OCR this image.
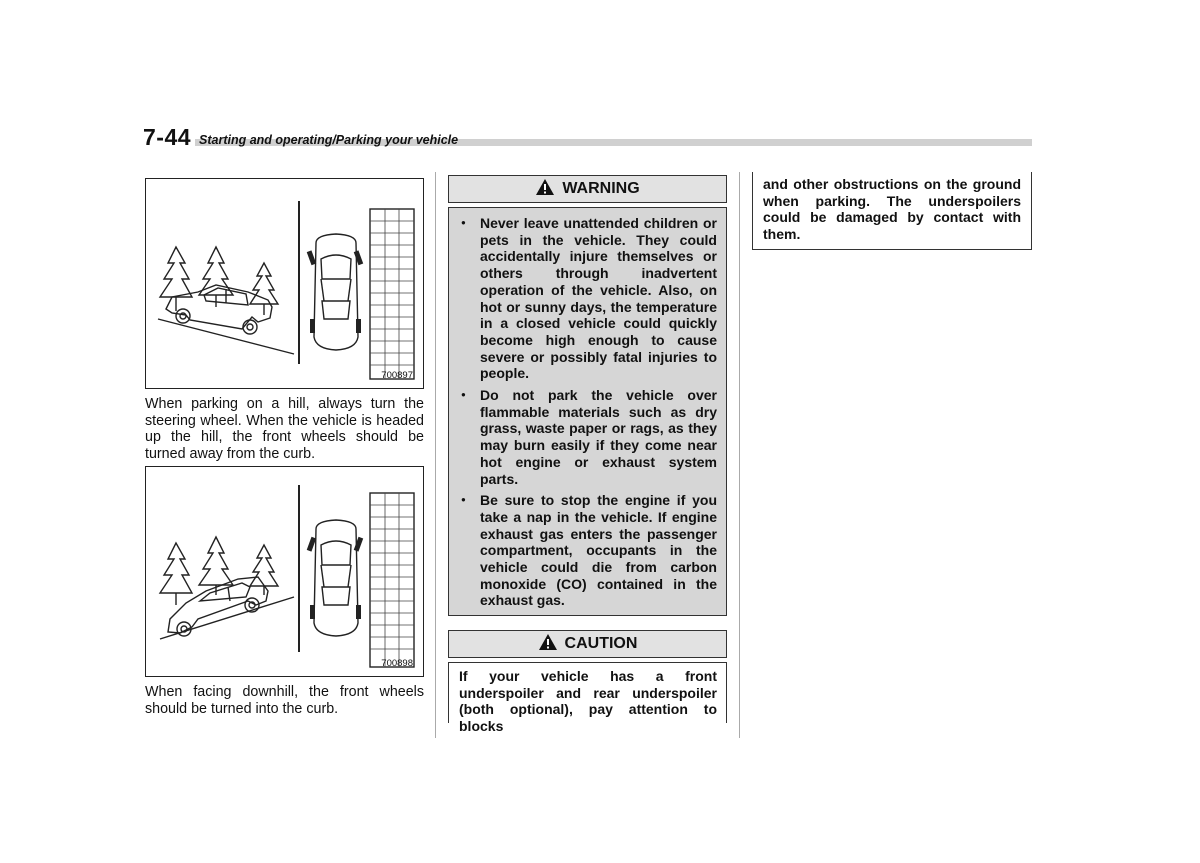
7-44 Starting and operating/Parking your vehicle
700897
When parking on a hill, always turn the steering wheel. When the vehicle is headed up the hill, the front wheels should be turned away from the curb.
700898
When facing downhill, the front wheels should be turned into the curb.
WARNING
● Never leave unattended children or pets in the vehicle. They could accidentally injure themselves or others through inadvertent operation of the vehicle. Also, on hot or sunny days, the temperature in a closed vehicle could quickly become high enough to cause severe or possibly fatal injuries to people.
● Do not park the vehicle over flammable materials such as dry grass, waste paper or rags, as they may burn easily if they come near hot engine or exhaust system parts.
● Be sure to stop the engine if you take a nap in the vehicle. If engine exhaust gas enters the passenger compartment, occupants in the vehicle could die from carbon monoxide (CO) contained in the exhaust gas.
CAUTION
If your vehicle has a front underspoiler and rear underspoiler (both optional), pay attention to blocks
and other obstructions on the ground when parking. The underspoilers could be damaged by contact with them.
